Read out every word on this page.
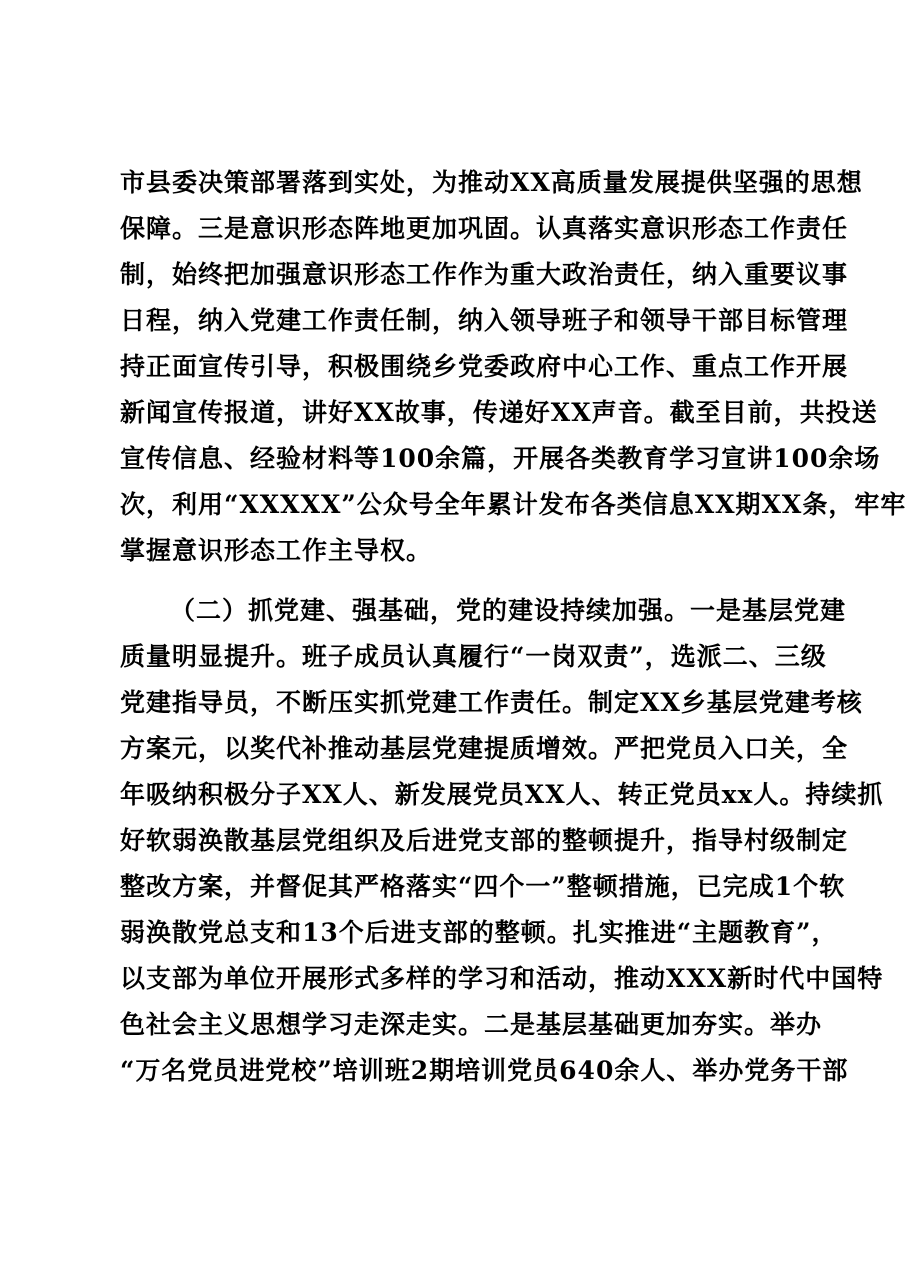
市县委决策部署落到实处，为推动XX高质量发展提供坚强的思想
保障。三是意识形态阵地更加巩固。认真落实意识形态工作责任
制，始终把加强意识形态工作作为重大政治责任，纳入重要议事
日程，纳入党建工作责任制，纳入领导班子和领导干部目标管理
持正面宣传引导，积极围绕乡党委政府中心工作、重点工作开展
新闻宣传报道，讲好XX故事，传递好XX声音。截至目前，共投送
宣传信息、经验材料等100余篇，开展各类教育学习宣讲100余场
次，利用“XXXXX”公众号全年累计发布各类信息XX期XX条，牢牢
掌握意识形态工作主导权。
（二）抓党建、强基础，党的建设持续加强。一是基层党建
质量明显提升。班子成员认真履行“一岗双责”，选派二、三级
党建指导员，不断压实抓党建工作责任。制定XX乡基层党建考核
方案元，以奖代补推动基层党建提质增效。严把党员入口关，全
年吸纳积极分子XX人、新发展党员XX人、转正党员xx人。持续抓
好软弱涣散基层党组织及后进党支部的整顿提升，指导村级制定
整改方案，并督促其严格落实“四个一”整顿措施，已完成1个软
弱涣散党总支和13个后进支部的整顿。扎实推进“主题教育”，
以支部为单位开展形式多样的学习和活动，推动XXX新时代中国特
色社会主义思想学习走深走实。二是基层基础更加夯实。举办
“万名党员进党校”培训班2期培训党员640余人、举办党务干部
